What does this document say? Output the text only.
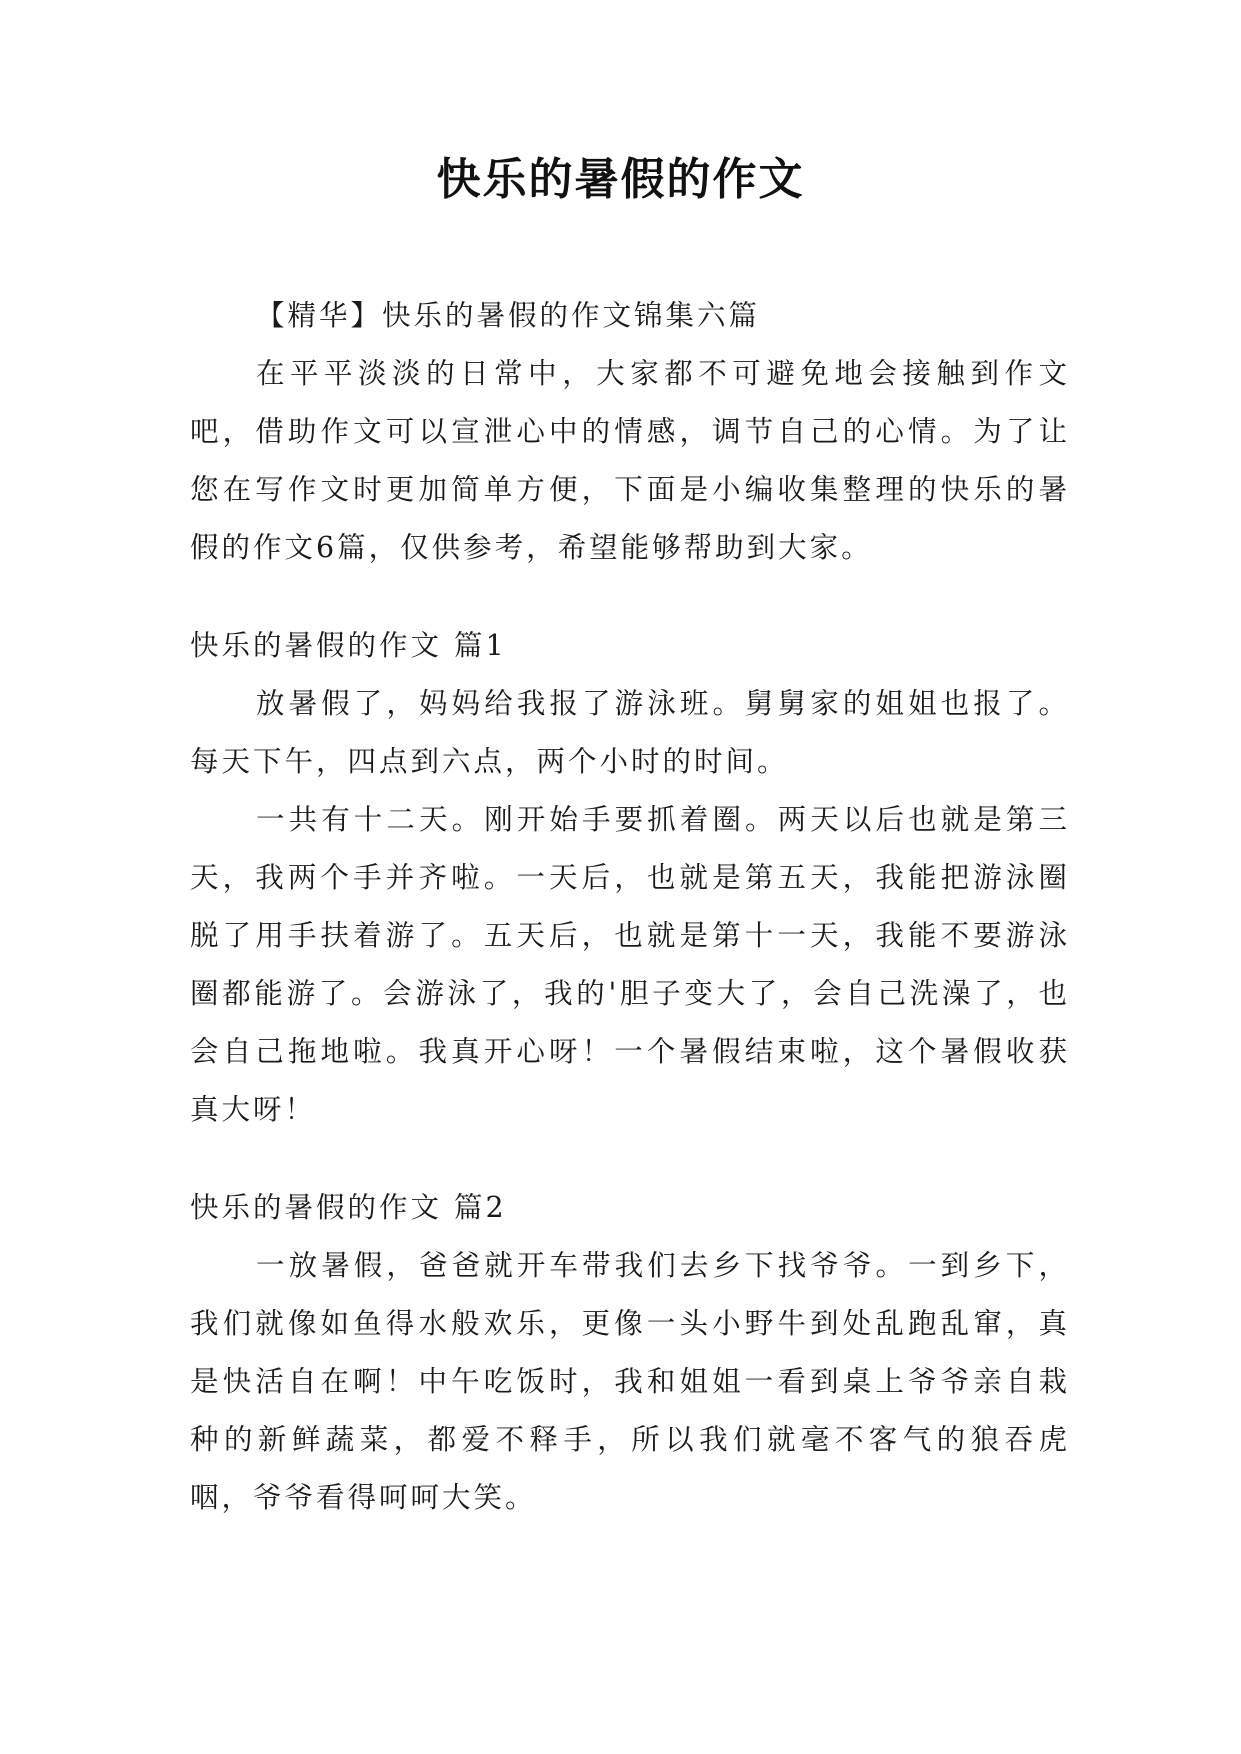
快乐的暑假的作文

【精华】快乐的暑假的作文锦集六篇

在平平淡淡的日常中，大家都不可避免地会接触到作文吧，借助作文可以宣泄心中的情感，调节自己的心情。为了让您在写作文时更加简单方便，下面是小编收集整理的快乐的暑假的作文6篇，仅供参考，希望能够帮助到大家。

快乐的暑假的作文 篇1

放暑假了，妈妈给我报了游泳班。舅舅家的姐姐也报了。每天下午，四点到六点，两个小时的时间。

一共有十二天。刚开始手要抓着圈。两天以后也就是第三天，我两个手并齐啦。一天后，也就是第五天，我能把游泳圈脱了用手扶着游了。五天后，也就是第十一天，我能不要游泳圈都能游了。会游泳了，我的'胆子变大了，会自己洗澡了，也会自己拖地啦。我真开心呀！一个暑假结束啦，这个暑假收获真大呀！

快乐的暑假的作文 篇2

一放暑假，爸爸就开车带我们去乡下找爷爷。一到乡下，我们就像如鱼得水般欢乐，更像一头小野牛到处乱跑乱窜，真是快活自在啊！中午吃饭时，我和姐姐一看到桌上爷爷亲自栽种的新鲜蔬菜，都爱不释手，所以我们就毫不客气的狼吞虎咽，爷爷看得呵呵大笑。
